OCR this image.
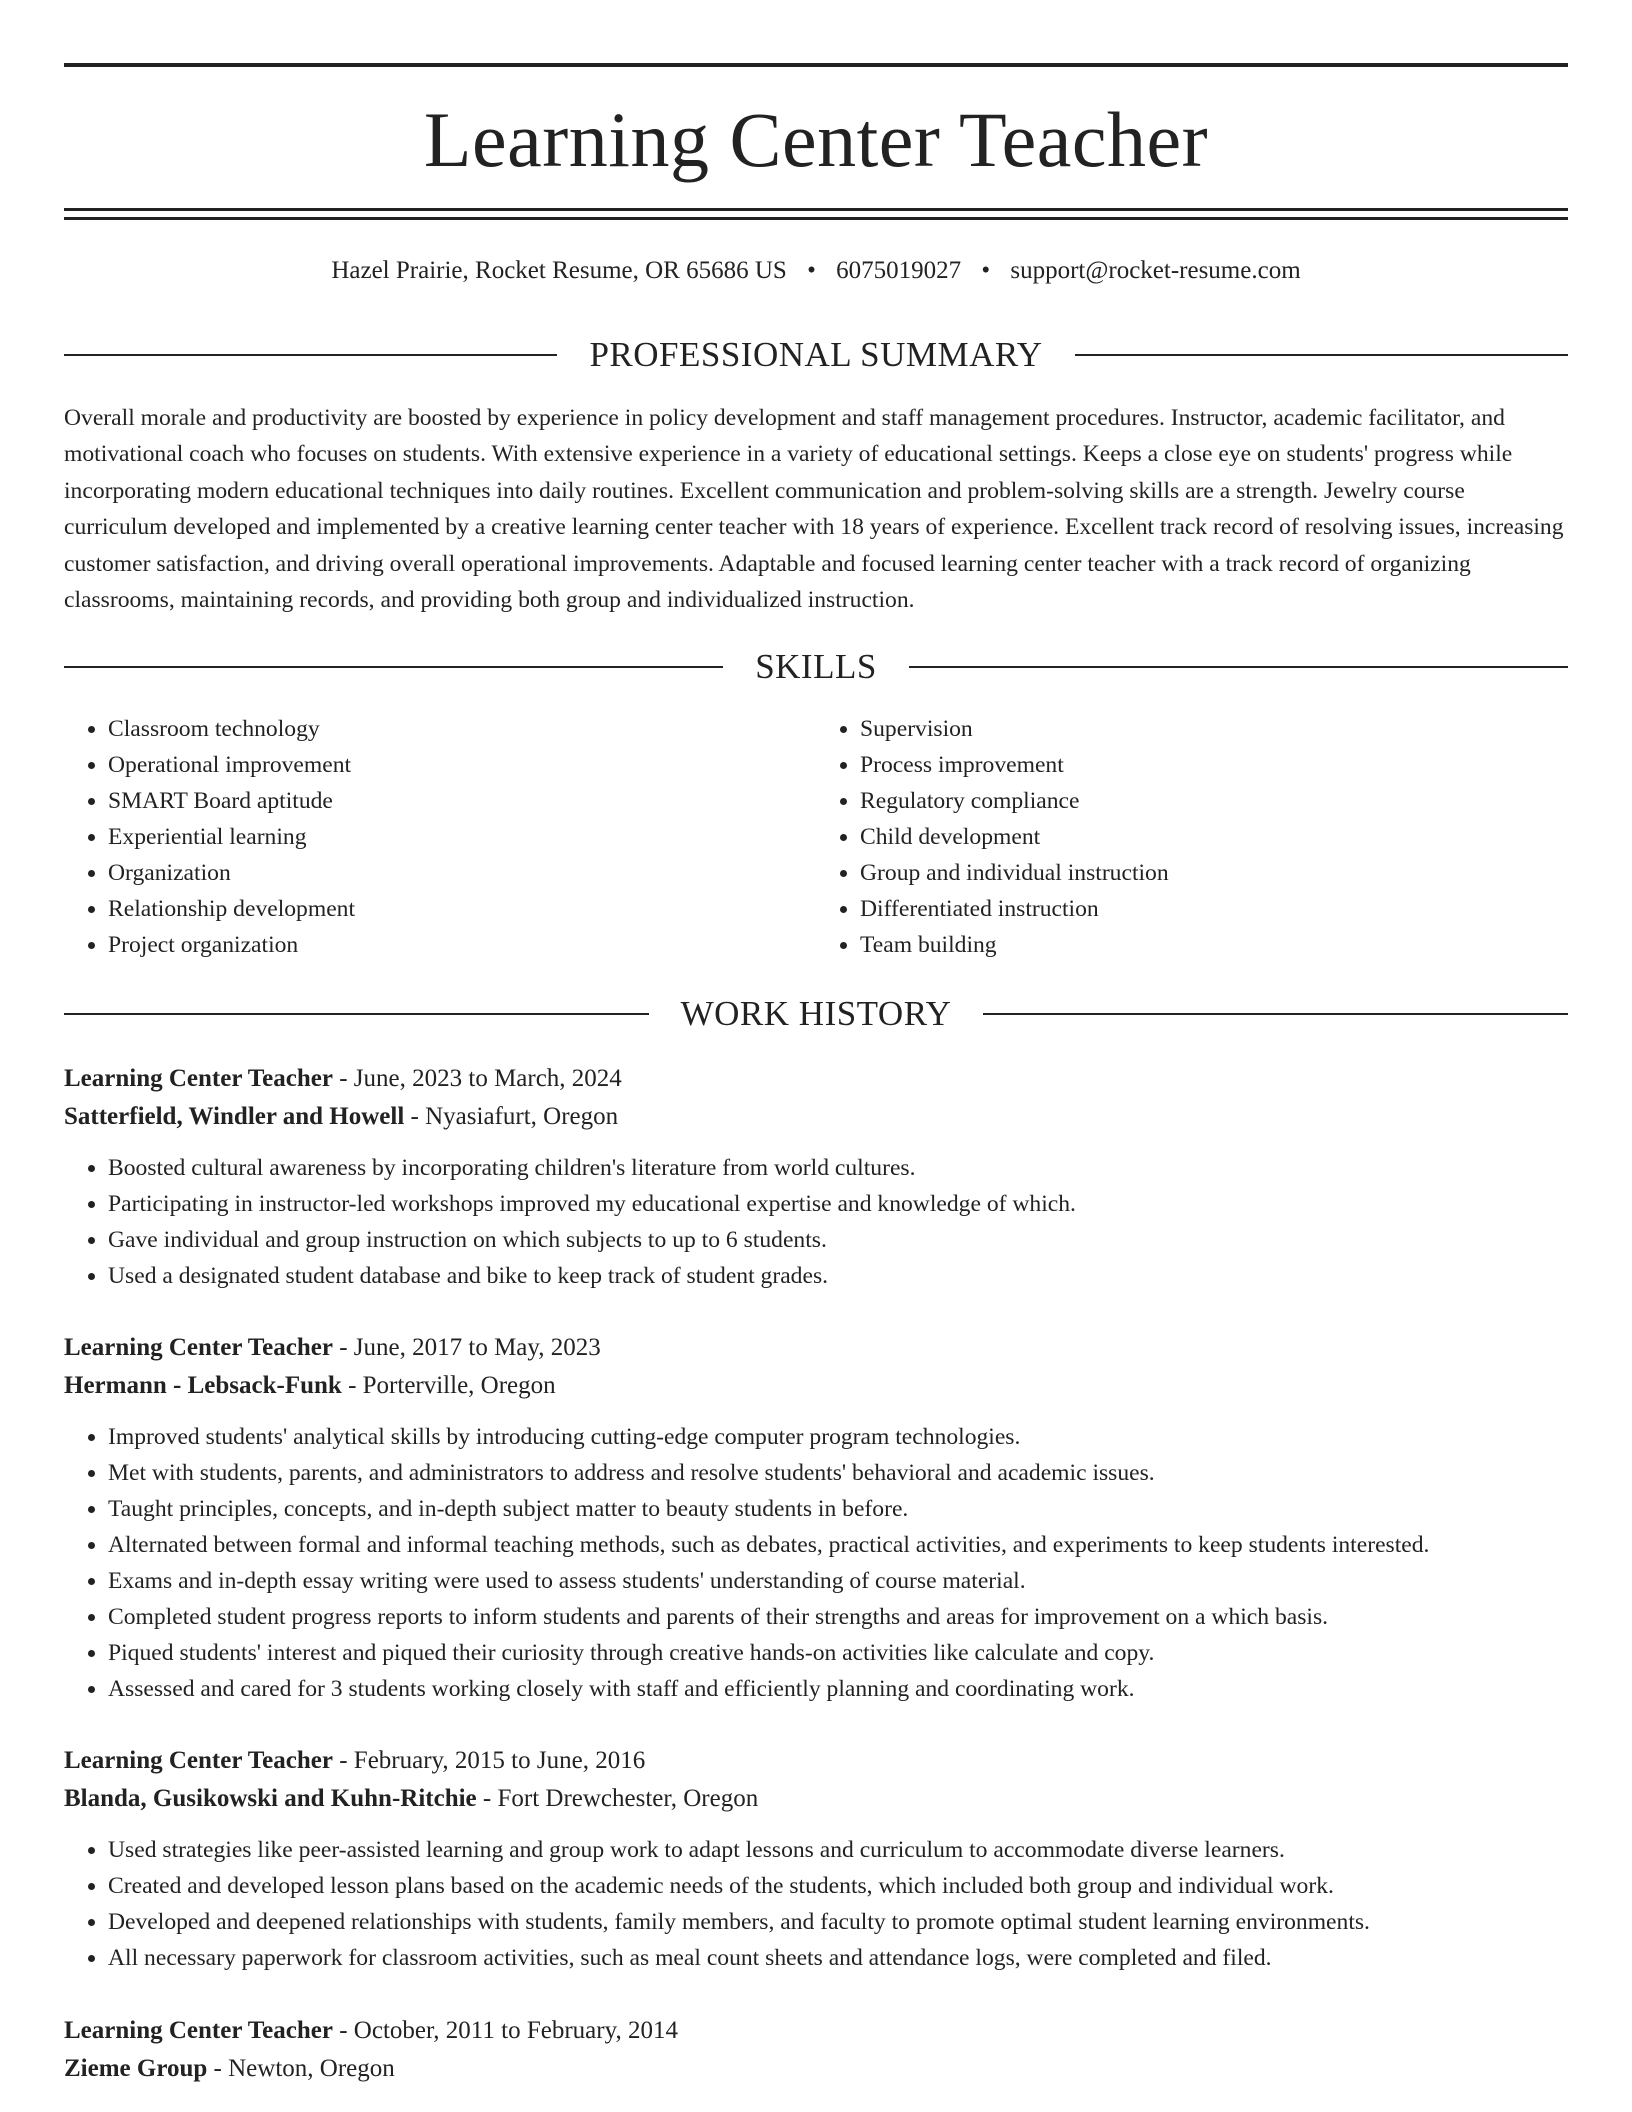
Learning Center Teacher
Hazel Prairie, Rocket Resume, OR 65686 US • 6075019027 • support@rocket-resume.com
PROFESSIONAL SUMMARY

Overall morale and productivity are boosted by experience in policy development and staff management procedures. Instructor, academic facilitator, and motivational coach who focuses on students. With extensive experience in a variety of educational settings. Keeps a close eye on students' progress while incorporating modern educational techniques into daily routines. Excellent communication and problem-solving skills are a strength. Jewelry course curriculum developed and implemented by a creative learning center teacher with 18 years of experience. Excellent track record of resolving issues, increasing customer satisfaction, and driving overall operational improvements. Adaptable and focused learning center teacher with a track record of organizing classrooms, maintaining records, and providing both group and individualized instruction.

SKILLS
• Classroom technology
• Operational improvement
• SMART Board aptitude
• Experiential learning
• Organization
• Relationship development
• Project organization
• Supervision
• Process improvement
• Regulatory compliance
• Child development
• Group and individual instruction
• Differentiated instruction
• Team building
WORK HISTORY
Learning Center Teacher - June, 2023 to March, 2024
Satterfield, Windler and Howell - Nyasiafurt, Oregon
• Boosted cultural awareness by incorporating children's literature from world cultures.
• Participating in instructor-led workshops improved my educational expertise and knowledge of which.
• Gave individual and group instruction on which subjects to up to 6 students.
• Used a designated student database and bike to keep track of student grades.
Learning Center Teacher - June, 2017 to May, 2023
Hermann - Lebsack-Funk - Porterville, Oregon
• Improved students' analytical skills by introducing cutting-edge computer program technologies.
• Met with students, parents, and administrators to address and resolve students' behavioral and academic issues.
• Taught principles, concepts, and in-depth subject matter to beauty students in before.
• Alternated between formal and informal teaching methods, such as debates, practical activities, and experiments to keep students interested.
• Exams and in-depth essay writing were used to assess students' understanding of course material.
• Completed student progress reports to inform students and parents of their strengths and areas for improvement on a which basis.
• Piqued students' interest and piqued their curiosity through creative hands-on activities like calculate and copy.
• Assessed and cared for 3 students working closely with staff and efficiently planning and coordinating work.
Learning Center Teacher - February, 2015 to June, 2016
Blanda, Gusikowski and Kuhn-Ritchie - Fort Drewchester, Oregon
• Used strategies like peer-assisted learning and group work to adapt lessons and curriculum to accommodate diverse learners.
• Created and developed lesson plans based on the academic needs of the students, which included both group and individual work.
• Developed and deepened relationships with students, family members, and faculty to promote optimal student learning environments.
• All necessary paperwork for classroom activities, such as meal count sheets and attendance logs, were completed and filed.
Learning Center Teacher - October, 2011 to February, 2014
Zieme Group - Newton, Oregon
